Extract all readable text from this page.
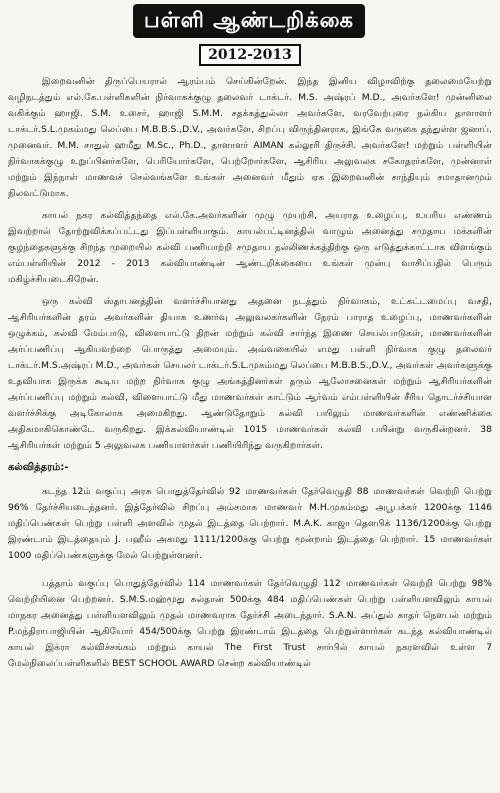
பள்ளி ஆண்டறிக்கை
2012-2013

இறைவனின் திருப்பெயரால் ஆரம்பம் செய்கின்றேன். இந்த இனிய விழாவிற்கு தலைமையேற்று வழிநடத்தும் எல்.கே.பள்ளிகளின் நிர்வாகக்குழு தலைவர் டாக்டர். M.S. அஷ்ரப் M.D., அவர்களே! முன்னிலை வகிக்கும் ஹாஜி. S.M. உசைர், ஹாஜி S.M.M. சதக்கத்துல்லா அவர்களே, வரவேற்புரை நல்கிய தாளாளர் டாக்டர்.S.L.முகம்மது லெப்பை M.B.B.S.,D.V., அவர்களே, சிறப்பு விருந்தினராக, இங்கே வருகை தந்துள்ள ஜனாப். முனைவர். M.M. சாதுல் ஹமீது M.Sc., Ph.D., தாளாளர் AIMAN கல்லூரி திருச்சி. அவர்களே! மற்றும் பள்ளியின் நிர்வாகக்குழு உறுப்பினர்களே, பெரியோர்களே, பெற்றோர்களே, ஆசிரிய அலுவலக சகோதரர்களே, முன்னாள் மற்றும் இந்நாள் மாணவச் செல்வங்களே உங்கள் அனைவர் மீதும் ஏக இறைவனின் சாந்தியும் சமாதானமும் நிலவட்டுமாக.

காயல் நகர கல்வித்தந்தை எல்.கே.அவர்களின் முழு முயற்சி, அயராத உழைப்பு, உயரிய எண்ணம் இவற்றால் தோற்றுவிக்கப்பட்டது இப்பள்ளியாகும். காயல்பட்டினத்தில் வாழும் அனைத்து சமுதாய மக்களின் குழந்தைகளுக்கு சிறந்த முறையில் கல்வி பணியாற்றி சமுதாய நல்லிணக்கத்திற்கு ஒரு எடுத்துக்காட்டாக விளங்கும் எம்பள்ளியின் 2012 - 2013 கல்வியாண்டின் ஆண்டறிக்கையை உங்கள் முன்பு வாசிப்பதில் பெரும் மகிழ்ச்சியடைகிறேன்.

ஒரு கல்வி ஸ்தாபனத்தின் வளர்ச்சியானது அதனை நடத்தும் நிர்வாகம், உட்கட்டமைப்பு வசதி, ஆசிரியர்களின் தரம் அவர்களின் தியாக உணர்வு அலுவலகர்களின் நேரம் பாராத உழைப்பு, மாணவர்களின் ஒழுக்கம், கல்வி மேம்பாடு, விளையாட்டு திறன் மற்றும் கல்வி சார்ந்த இணை செயல்பாடுகள், மாணவர்களின் அர்ப்பணிப்பு ஆகியவற்றை பொருத்து அமையும். அவ்வகையில் எமது பள்ளி நிர்வாக குழு தலைவர் டாக்டர்.M.S.அஷ்ரப் M.D., அவர்கள் செயலர் டாக்டர்.S.L.முகம்மது லெப்பை M.B.B.S.,D.V., அவர்கள் அவர்களுக்கு உதவியாக இருக்க கூடிய மற்ற நிர்வாக குழு அங்கத்தினர்கள் தரும் ஆலோசனைகள் மற்றும் ஆசிரியர்களின் அர்ப்பணிப்பு மற்றும் கல்வி, விளையாட்டு மீது மாணவர்கள் காட்டும் ஆர்வம் எம்பள்ளியின் சீரிய தொடர்ச்சியான வளர்ச்சிக்கு அடிகோலாக அமைகிறது. ஆண்டுதோறும் கல்வி பயிலும் மாணவர்களின் எண்ணிக்கை அதிகமாகிகொண்டே வருகிறது. இக்கல்வியாண்டில் 1015 மாணவர்கள் கல்வி பயின்று வருகின்றனர். 38 ஆசிரியர்கள் மற்றும் 5 அலுவலக பணியாளர்கள் பணியிரிந்து வருகிறார்கள்.

கல்வித்தரம்:-

கடந்த 12ம் வகுப்பு அரசு பொதுத்தேர்வில் 92 மாணவர்கள் தேர்வெழுதி 88 மாணவர்கள் வெற்றி பெற்று 96% தேர்ச்சியடைந்தனர். இத்தேர்வில் சிறப்பு அம்சமாக மாணவர் M.H.முகம்மது அபூபக்கர் 1200க்கு 1146 மதிப்பெண்கள் பெற்று பள்ளி அளவில் முதல் இடத்தை பெற்றார். M.A.K. காஜா தௌபிக் 1136/1200க்கு பெற்று இரண்டாம் இடத்தையும் J. பஹீம் அகமது 1111/1200க்கு பெற்று மூன்றாம் இடத்தை பெற்றார். 15 மாணவர்கள் 1000 மதிப்பெண்களுக்கு மேல் பெற்றுள்ளனர்.

பத்தாம் வகுப்பு பொதுத்தேர்வில் 114 மாணவர்கள் தேர்வெழுதி 112 மாணவர்கள் வெற்றி பெற்று 98% வெற்றியினை பெற்றனர். S.M.S.மஹ்மூது சுல்தான் 500க்கு 484 மதிப்பெண்கள் பெற்று பள்ளியளவிலும் காயல் மாநகர அனைத்து பள்ளியளவிலும் முதல் மாணவராக தேர்ச்சி அடைந்தார். S.A.N. அப்துல் காதர் நௌபல் மற்றும் P.மந்திராபாஜியின் ஆகியோர் 454/500க்கு பெற்று இரண்டாம் இடத்தை பெற்றுள்ளார்கள் கடந்த கல்வியாண்டில் காயல் இக்ரா கல்விச்சங்கம் மற்றும் காயல் The First Trust சார்பில் காயல் நகரளவில் உள்ள 7 மேல்நிலைப்பள்ளிகளில் BEST SCHOOL AWARD சென்ற கல்வியாண்டில்
